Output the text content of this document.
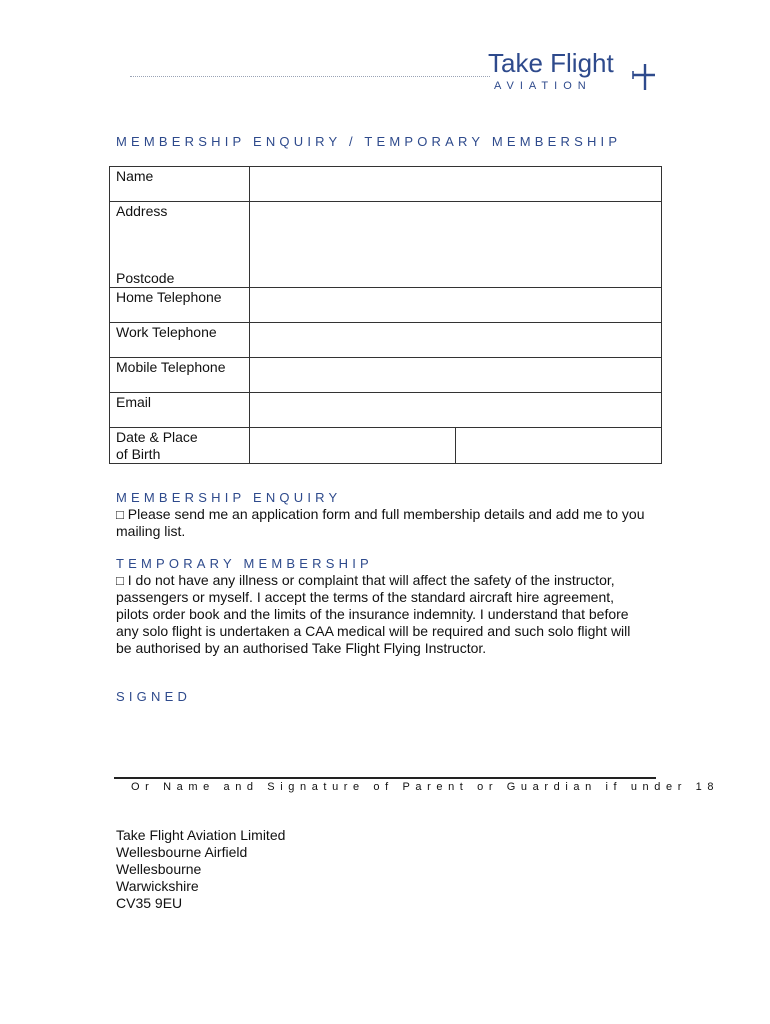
Take Flight
AVIATION
MEMBERSHIP ENQUIRY / TEMPORARY MEMBERSHIP
Name		

Address
Postcode		

Home Telephone		
Work Telephone		
Mobile Telephone		
Email		

Date & Place
of Birth		

MEMBERSHIP ENQUIRY
□ Please send me an application form and full membership details and add me to you mailing list.
TEMPORARY MEMBERSHIP
□ I do not have any illness or complaint that will affect the safety of the instructor, passengers or myself. I accept the terms of the standard aircraft hire agreement, pilots order book and the limits of the insurance indemnity. I understand that before any solo flight is undertaken a CAA medical will be required and such solo flight will be authorised by an authorised Take Flight Flying Instructor.
SIGNED
Or Name and Signature of Parent or Guardian if under 18
Take Flight Aviation Limited
Wellesbourne Airfield
Wellesbourne
Warwickshire
CV35 9EU
